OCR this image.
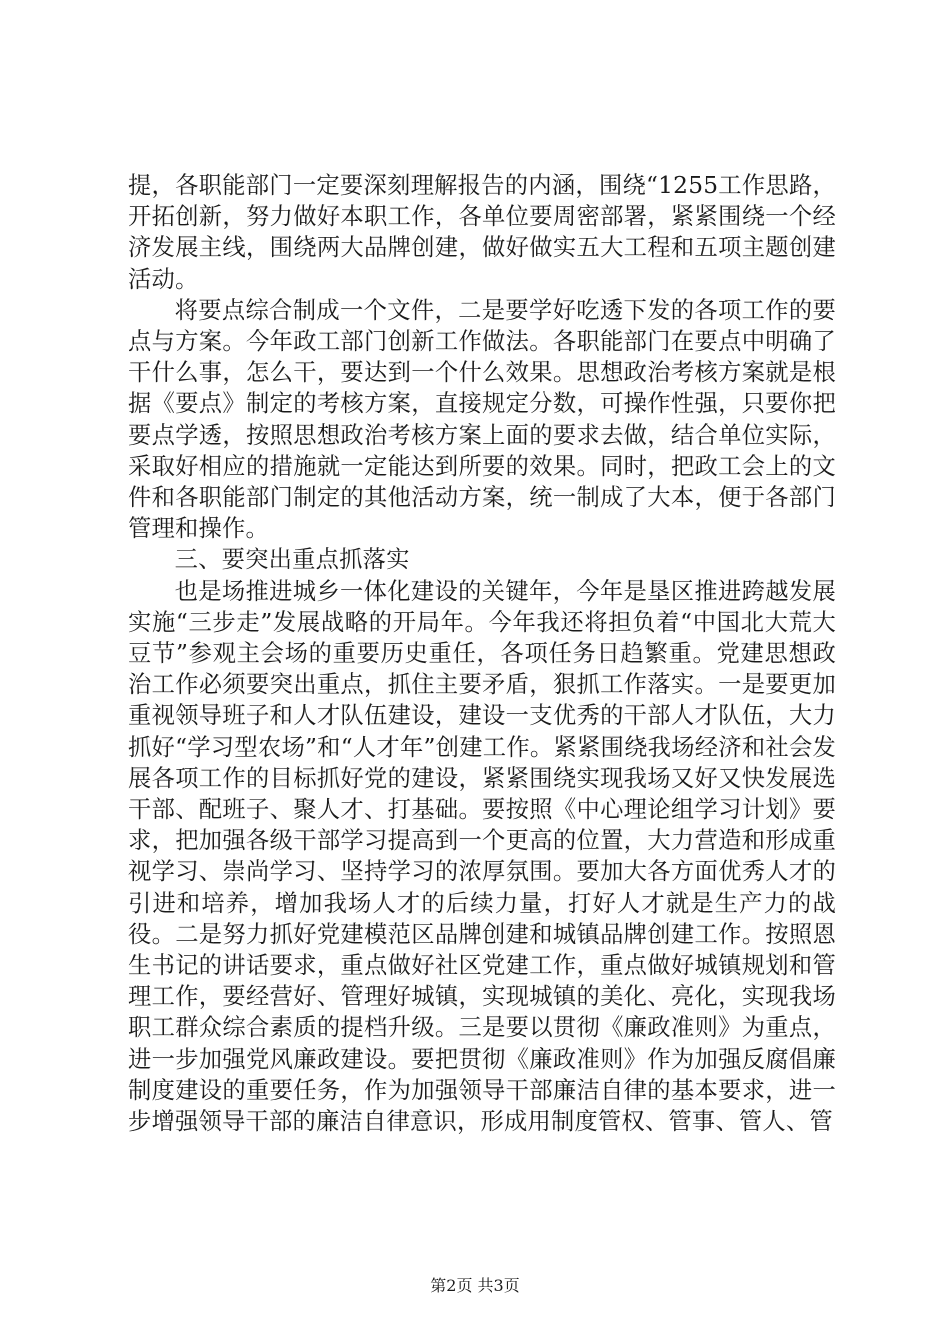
提，各职能部门一定要深刻理解报告的内涵，围绕“1255工作思路，开拓创新，努力做好本职工作，各单位要周密部署，紧紧围绕一个经济发展主线，围绕两大品牌创建，做好做实五大工程和五项主题创建活动。

将要点综合制成一个文件，二是要学好吃透下发的各项工作的要点与方案。今年政工部门创新工作做法。各职能部门在要点中明确了干什么事，怎么干，要达到一个什么效果。思想政治考核方案就是根据《要点》制定的考核方案，直接规定分数，可操作性强，只要你把要点学透，按照思想政治考核方案上面的要求去做，结合单位实际，采取好相应的措施就一定能达到所要的效果。同时，把政工会上的文件和各职能部门制定的其他活动方案，统一制成了大本，便于各部门管理和操作。

三、要突出重点抓落实

也是场推进城乡一体化建设的关键年，今年是垦区推进跨越发展实施“三步走”发展战略的开局年。今年我还将担负着“中国北大荒大豆节”参观主会场的重要历史重任，各项任务日趋繁重。党建思想政治工作必须要突出重点，抓住主要矛盾，狠抓工作落实。一是要更加重视领导班子和人才队伍建设，建设一支优秀的干部人才队伍，大力抓好“学习型农场”和“人才年”创建工作。紧紧围绕我场经济和社会发展各项工作的目标抓好党的建设，紧紧围绕实现我场又好又快发展选干部、配班子、聚人才、打基础。要按照《中心理论组学习计划》要求，把加强各级干部学习提高到一个更高的位置，大力营造和形成重视学习、崇尚学习、坚持学习的浓厚氛围。要加大各方面优秀人才的引进和培养，增加我场人才的后续力量，打好人才就是生产力的战役。二是努力抓好党建模范区品牌创建和城镇品牌创建工作。按照恩生书记的讲话要求，重点做好社区党建工作，重点做好城镇规划和管理工作，要经营好、管理好城镇，实现城镇的美化、亮化，实现我场职工群众综合素质的提档升级。三是要以贯彻《廉政准则》为重点，进一步加强党风廉政建设。要把贯彻《廉政准则》作为加强反腐倡廉制度建设的重要任务，作为加强领导干部廉洁自律的基本要求，进一步增强领导干部的廉洁自律意识，形成用制度管权、管事、管人、管

第2页 共3页
